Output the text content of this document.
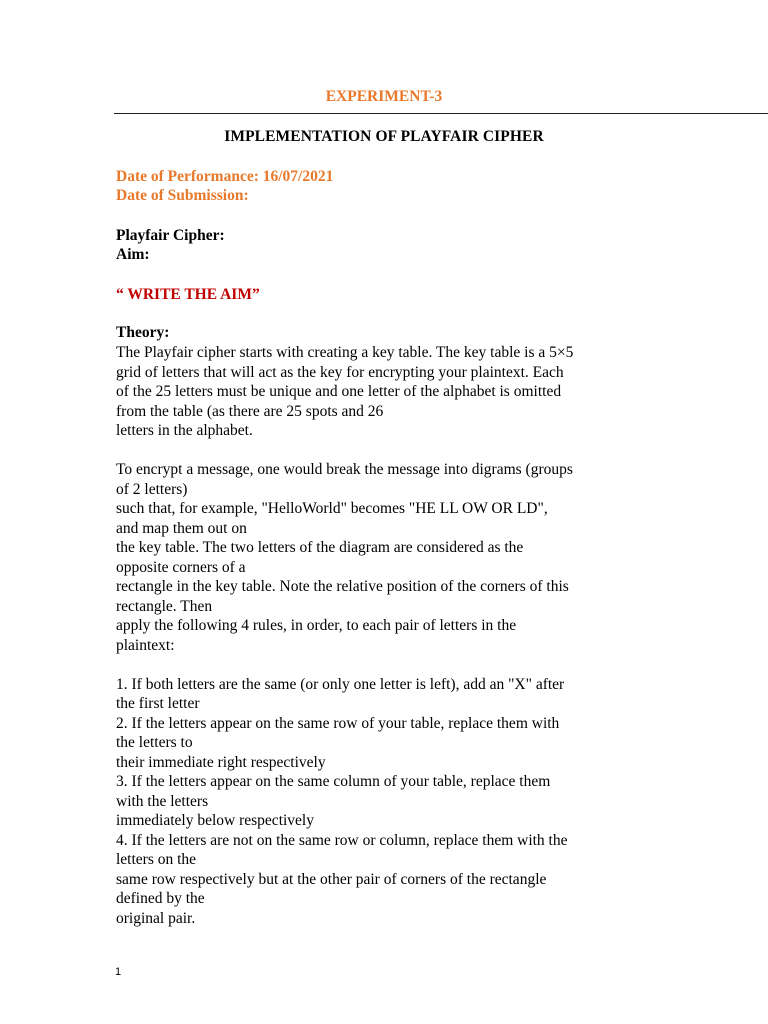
EXPERIMENT-3
IMPLEMENTATION OF PLAYFAIR CIPHER
Date of Performance: 16/07/2021
Date of Submission:
Playfair Cipher:
Aim:
“ WRITE THE AIM”
Theory:

The Playfair cipher starts with creating a key table. The key table is a 5×5

grid of letters that will act as the key for encrypting your plaintext. Each

of the 25 letters must be unique and one letter of the alphabet is omitted

from the table (as there are 25 spots and 26

letters in the alphabet.

To encrypt a message, one would break the message into digrams (groups

of 2 letters)

such that, for example, "HelloWorld" becomes "HE LL OW OR LD",

and map them out on

the key table. The two letters of the diagram are considered as the

opposite corners of a

rectangle in the key table. Note the relative position of the corners of this

rectangle. Then

apply the following 4 rules, in order, to each pair of letters in the

plaintext:

1. If both letters are the same (or only one letter is left), add an "X" after

the first letter

2. If the letters appear on the same row of your table, replace them with

the letters to

their immediate right respectively

3. If the letters appear on the same column of your table, replace them

with the letters

immediately below respectively

4. If the letters are not on the same row or column, replace them with the

letters on the

same row respectively but at the other pair of corners of the rectangle

defined by the

original pair.

1
